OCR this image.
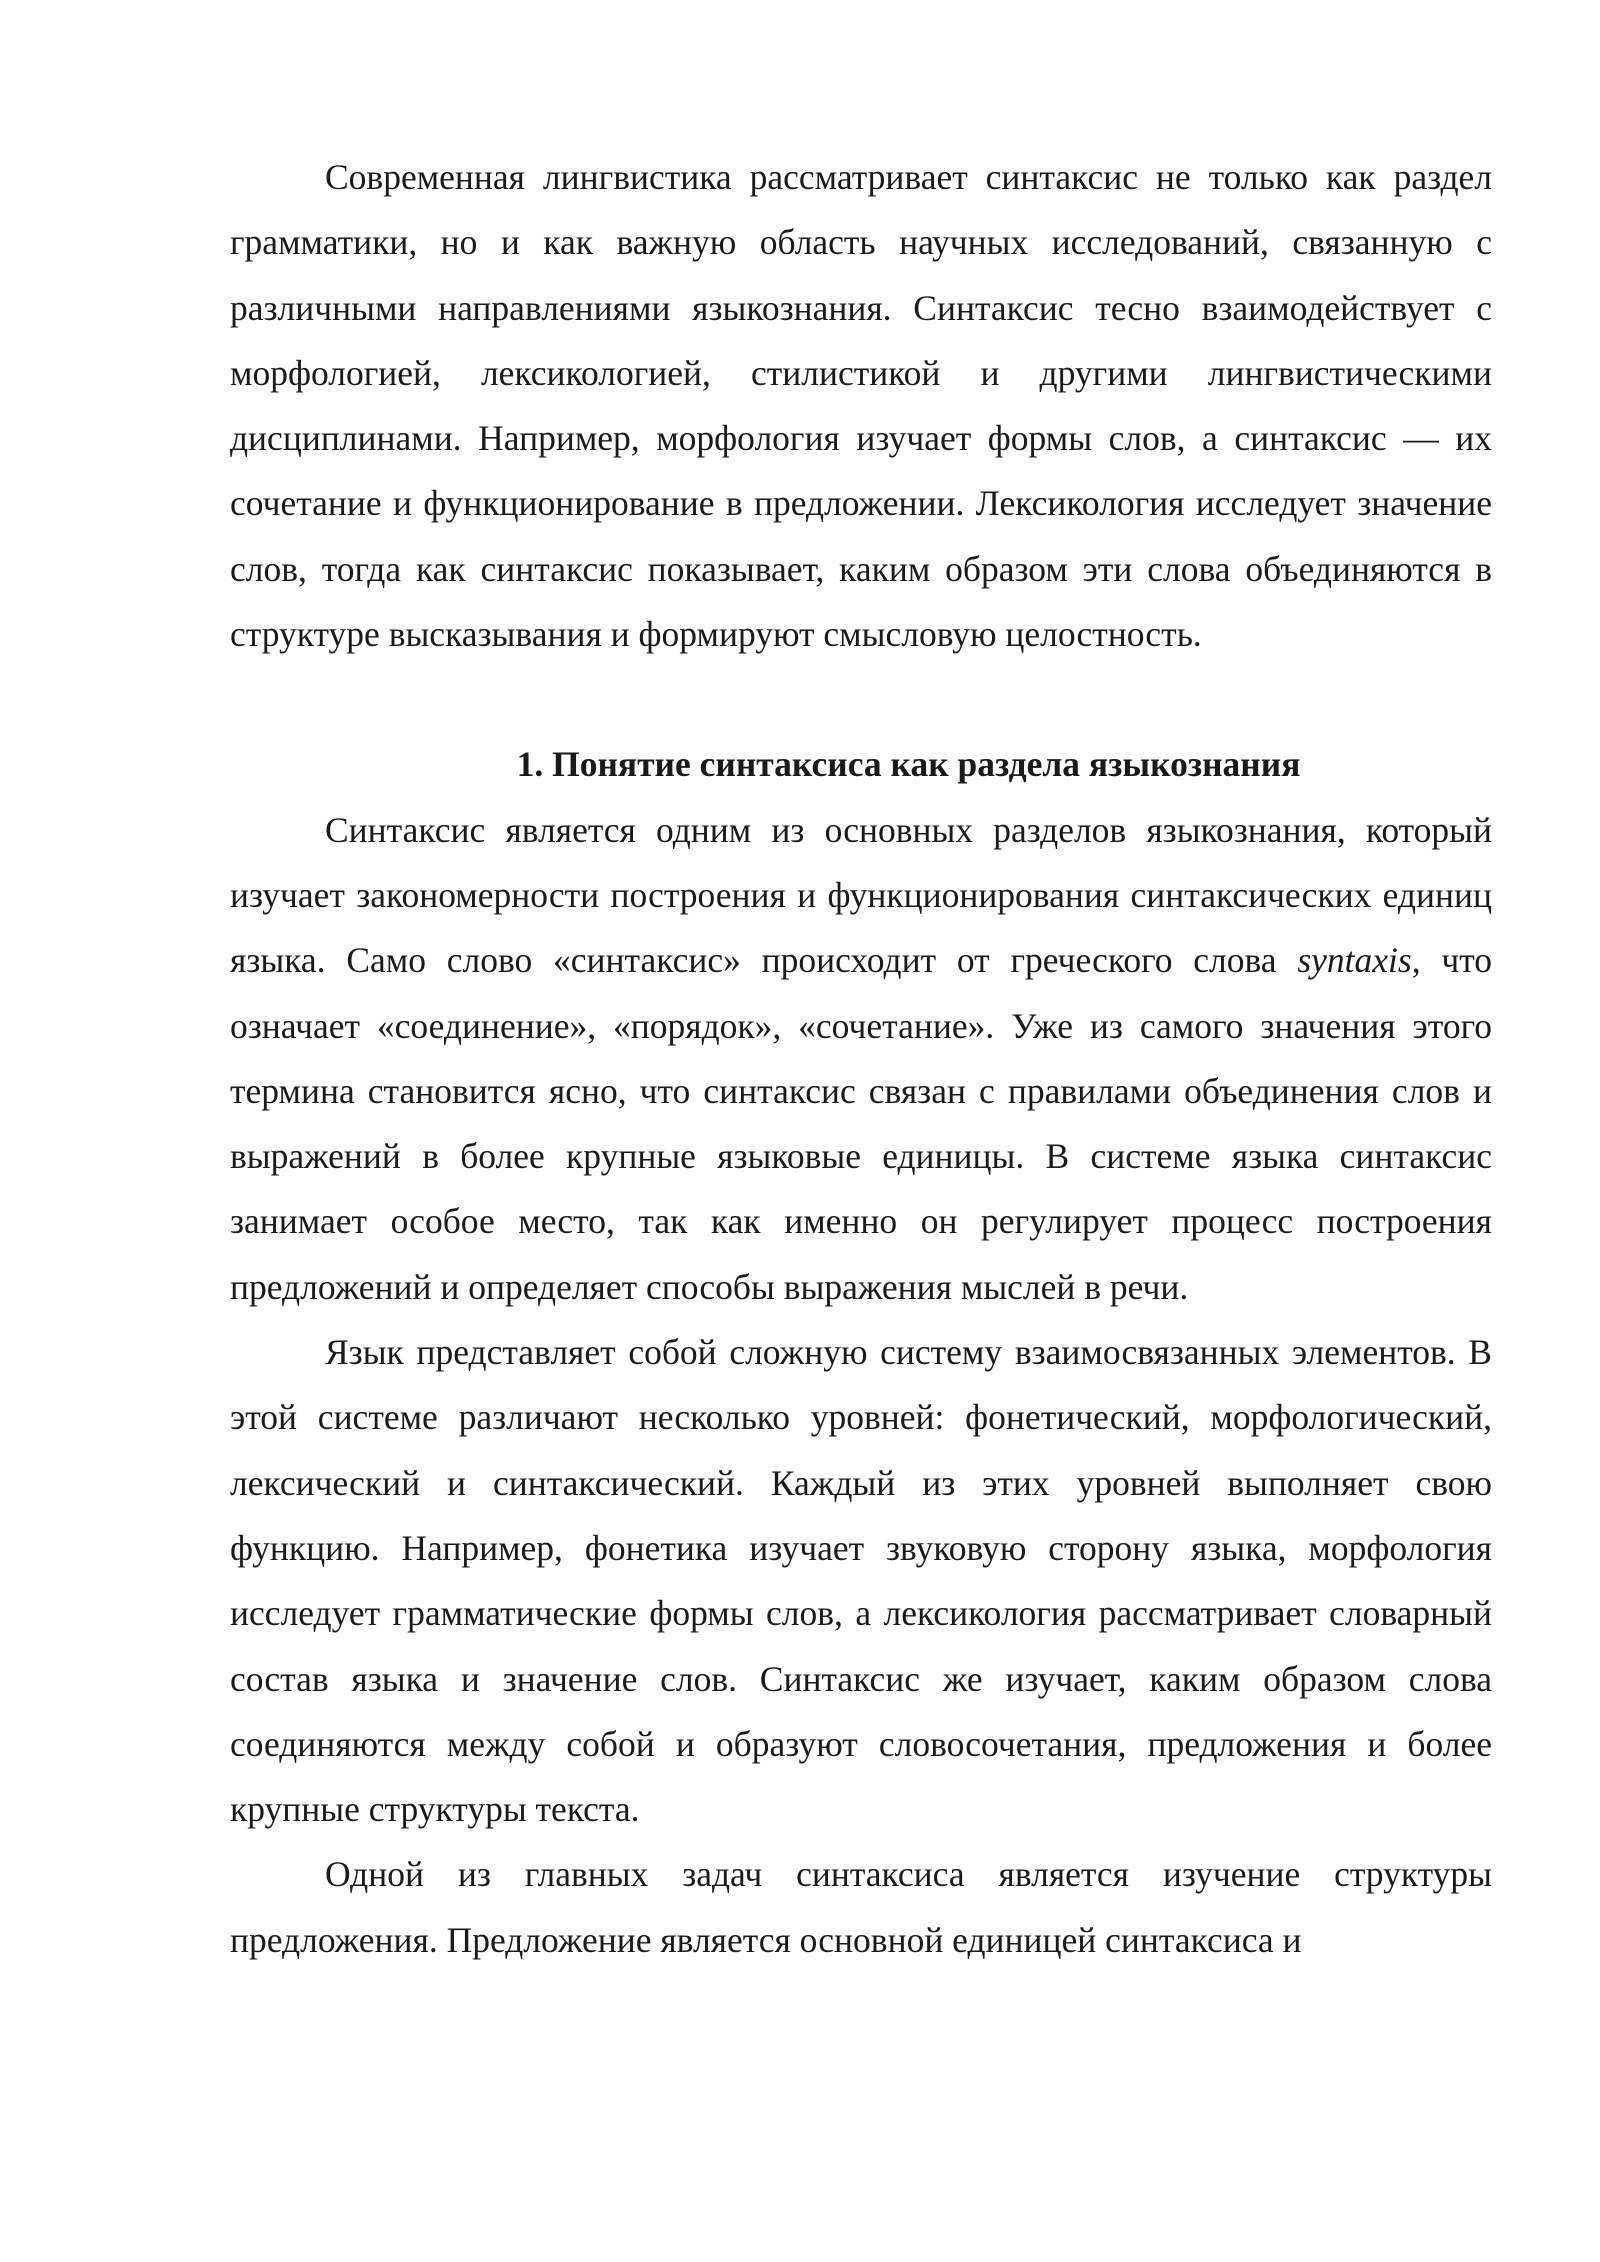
Современная лингвистика рассматривает синтаксис не только как раздел грамматики, но и как важную область научных исследований, связанную с различными направлениями языкознания. Синтаксис тесно взаимодействует с морфологией, лексикологией, стилистикой и другими лингвистическими дисциплинами. Например, морфология изучает формы слов, а синтаксис — их сочетание и функционирование в предложении. Лексикология исследует значение слов, тогда как синтаксис показывает, каким образом эти слова объединяются в структуре высказывания и формируют смысловую целостность.

1. Понятие синтаксиса как раздела языкознания

Синтаксис является одним из основных разделов языкознания, который изучает закономерности построения и функционирования синтаксических единиц языка. Само слово «синтаксис» происходит от греческого слова syntaxis, что означает «соединение», «порядок», «сочетание». Уже из самого значения этого термина становится ясно, что синтаксис связан с правилами объединения слов и выражений в более крупные языковые единицы. В системе языка синтаксис занимает особое место, так как именно он регулирует процесс построения предложений и определяет способы выражения мыслей в речи.

Язык представляет собой сложную систему взаимосвязанных элементов. В этой системе различают несколько уровней: фонетический, морфологический, лексический и синтаксический. Каждый из этих уровней выполняет свою функцию. Например, фонетика изучает звуковую сторону языка, морфология исследует грамматические формы слов, а лексикология рассматривает словарный состав языка и значение слов. Синтаксис же изучает, каким образом слова соединяются между собой и образуют словосочетания, предложения и более крупные структуры текста.

Одной из главных задач синтаксиса является изучение структуры предложения. Предложение является основной единицей синтаксиса и
